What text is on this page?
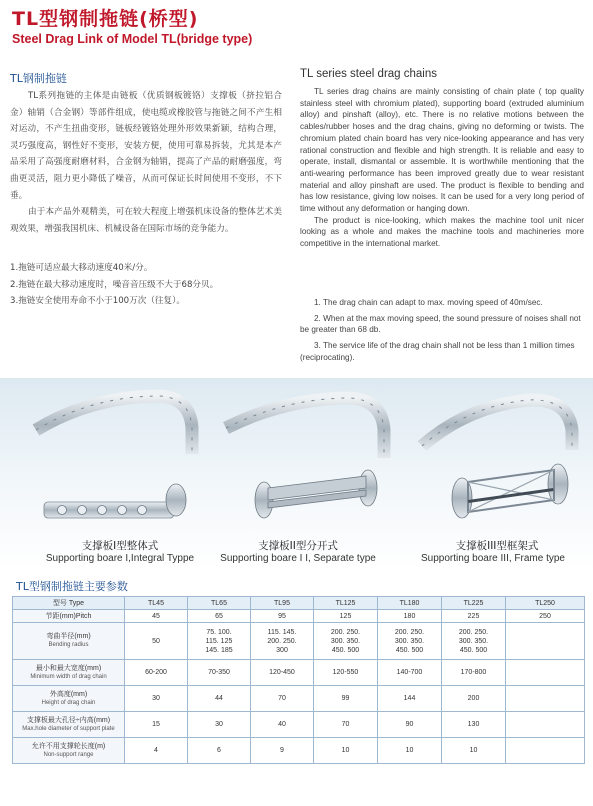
TL型钢制拖链(桥型)
Steel Drag Link of Model TL(bridge type)
TL钢制拖链

TL系列拖链的主体是由链板（优质钢板镀铬）支撑板（挤拉铝合金）轴销（合金钢）等部件组成，使电缆或橡胶管与拖链之间不产生相对运动，不产生扭曲变形，链板经镀铬处理外形效果新颖，结构合理，灵巧强度高，钢性好不变形，安装方便，使用可靠易拆装，尤其是本产品采用了高强度耐磨材料，合金钢为轴销，提高了产品的耐磨强度，弯曲更灵活，阻力更小降低了噪音，从而可保证长时间使用不变形，不下垂。

由于本产品外观精美，可在较大程度上增强机床设备的整体艺术美观效果，增强我国机床、机械设备在国际市场的竞争能力。

1.拖链可适应最大移动速度40米/分。
2.拖链在最大移动速度时，噪音音压级不大于68分贝。
3.拖链安全使用寿命不小于100万次（往复）。
TL series steel drag chains

TL series drag chains are mainly consisting of chain plate ( top quality stainless steel with chromium plated), supporting board (extruded aluminium alloy) and pinshaft (alloy), etc. There is no relative motions between the cables/rubber hoses and the drag chains, giving no deforming or twists. The chromium plated chain board has very nice-looking appearance and has very rational construction and flexible and high strength. It is reliable and easy to operate, install, dismantal or assemble. It is worthwhile mentioning that the anti-wearing performance has been improved greatly due to wear resistant material and alloy pinshaft are used. The product is flexible to bending and has low resistance, giving low noises. It can be used for a very long period of time without any deformation or hanging down.

The product is nice-looking, which makes the machine tool unit nicer looking as a whole and makes the machine tools and machineries more competitive in the international market.

1. The drag chain can adapt to max. moving speed of 40m/sec.
2. When at the max moving speed, the sound pressure of noises shall not be greater than 68 db.
3. The service life of the drag chain shall not be less than 1 million times (reciprocating).
支撑板I型整体式
Supporting boare I,Integral Typpe
支撑板II型分开式
Supporting boare I I, Separate type
支撑板III型框架式
Supporting boare III, Frame type
TL型钢制拖链主要参数
型号 Type	TL45	TL65	TL95	TL125	TL180	TL225	TL250
节距(mm)Pitch	45	65	95	125	180	225	250

弯曲半径(mm)
Bending radius	50	75. 100.
115. 125
145. 185	115. 145.
200. 250.
300	200. 250.
300. 350.
450. 500	200. 250.
300. 350.
450. 500	200. 250.
300. 350.
450. 500	

最小和最大宽度(mm)
Minimum width of drag chain	60-200	70-350	120-450	120-550	140-700	170-800	

外高度(mm)
Height of drag chain	30	44	70	99	144	200	

支撑板最大孔径÷内高(mm)
Max.hole diameter of support plate	15	30	40	70	90	130	

允许不用支撑轮长度(m)
Non-support range	4	6	9	10	10	10	
